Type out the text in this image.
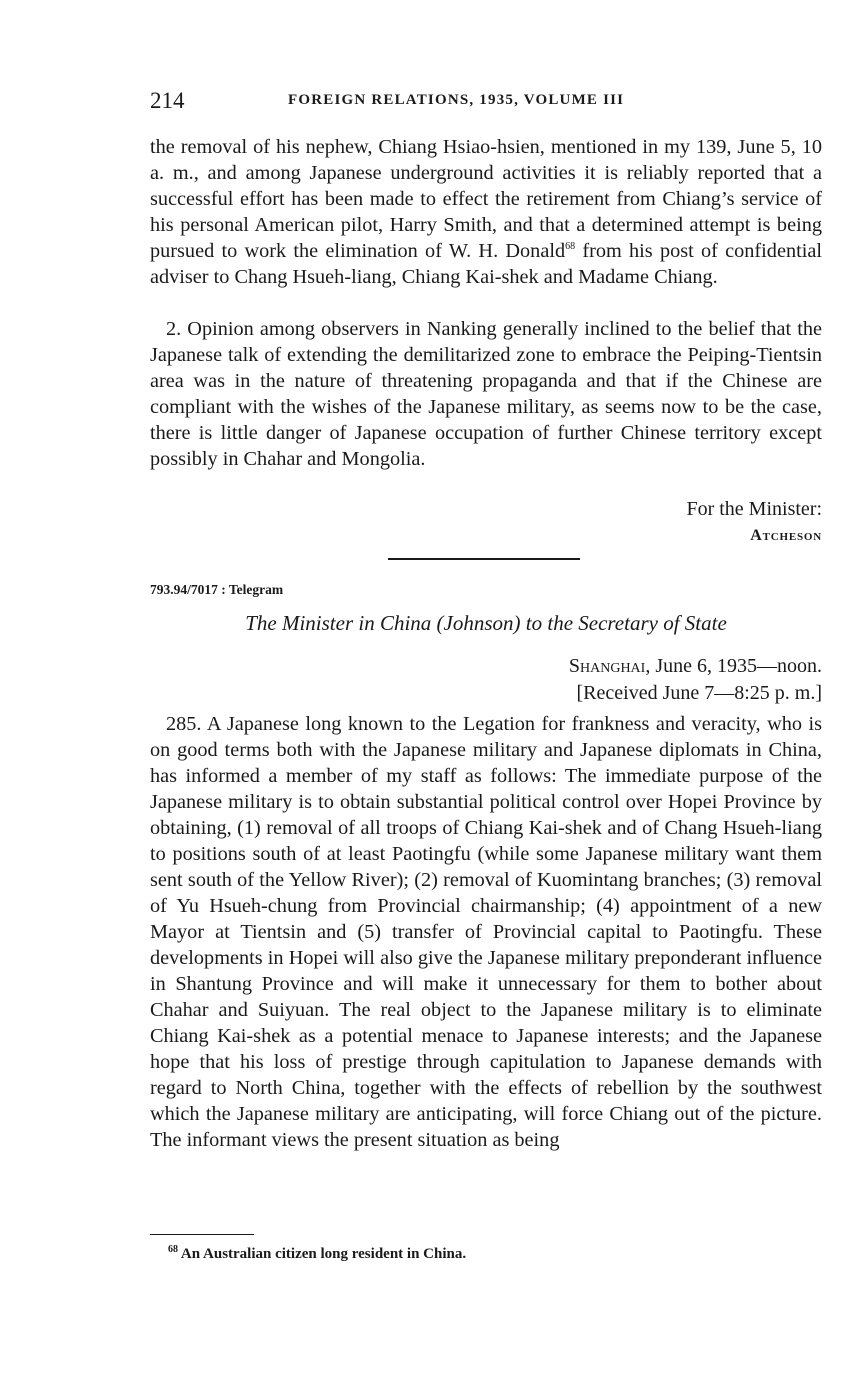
214	FOREIGN RELATIONS, 1935, VOLUME III
the removal of his nephew, Chiang Hsiao-hsien, mentioned in my 139, June 5, 10 a. m., and among Japanese underground activities it is reliably reported that a successful effort has been made to effect the retirement from Chiang’s service of his personal American pilot, Harry Smith, and that a determined attempt is being pursued to work the elimination of W. H. Donald$^{68}$ from his post of confidential adviser to Chang Hsueh-liang, Chiang Kai-shek and Madame Chiang.
2. Opinion among observers in Nanking generally inclined to the belief that the Japanese talk of extending the demilitarized zone to embrace the Peiping-Tientsin area was in the nature of threatening propaganda and that if the Chinese are compliant with the wishes of the Japanese military, as seems now to be the case, there is little danger of Japanese occupation of further Chinese territory except possibly in Chahar and Mongolia.
For the Minister:
Atcheson
793.94/7017 : Telegram
The Minister in China (Johnson) to the Secretary of State
Shanghai, June 6, 1935—noon.
[Received June 7—8:25 p. m.]
285. A Japanese long known to the Legation for frankness and veracity, who is on good terms both with the Japanese military and Japanese diplomats in China, has informed a member of my staff as follows: The immediate purpose of the Japanese military is to obtain substantial political control over Hopei Province by obtaining, (1) removal of all troops of Chiang Kai-shek and of Chang Hsueh-liang to positions south of at least Paotingfu (while some Japanese military want them sent south of the Yellow River); (2) removal of Kuomintang branches; (3) removal of Yu Hsueh-chung from Provincial chairmanship; (4) appointment of a new Mayor at Tientsin and (5) transfer of Provincial capital to Paotingfu. These developments in Hopei will also give the Japanese military preponderant influence in Shantung Province and will make it unnecessary for them to bother about Chahar and Suiyuan. The real object to the Japanese military is to eliminate Chiang Kai-shek as a potential menace to Japanese interests; and the Japanese hope that his loss of prestige through capitulation to Japanese demands with regard to North China, together with the effects of rebellion by the southwest which the Japanese military are anticipating, will force Chiang out of the picture. The informant views the present situation as being
$^{68}$ An Australian citizen long resident in China.
